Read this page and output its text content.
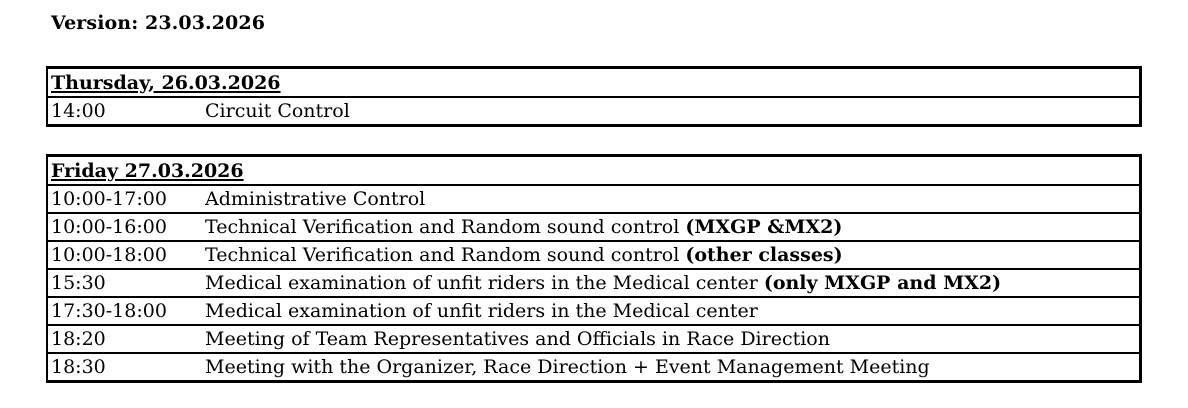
Version: 23.03.2026
Thursday, 26.03.2026
14:00	Circuit Control
Friday 27.03.2026
10:00-17:00	Administrative Control
10:00-16:00	Technical Verification and Random sound control (MXGP &MX2)
10:00-18:00	Technical Verification and Random sound control (other classes)
15:30	Medical examination of unfit riders in the Medical center (only MXGP and MX2)
17:30-18:00	Medical examination of unfit riders in the Medical center
18:20	Meeting of Team Representatives and Officials in Race Direction
18:30	Meeting with the Organizer, Race Direction + Event Management Meeting
